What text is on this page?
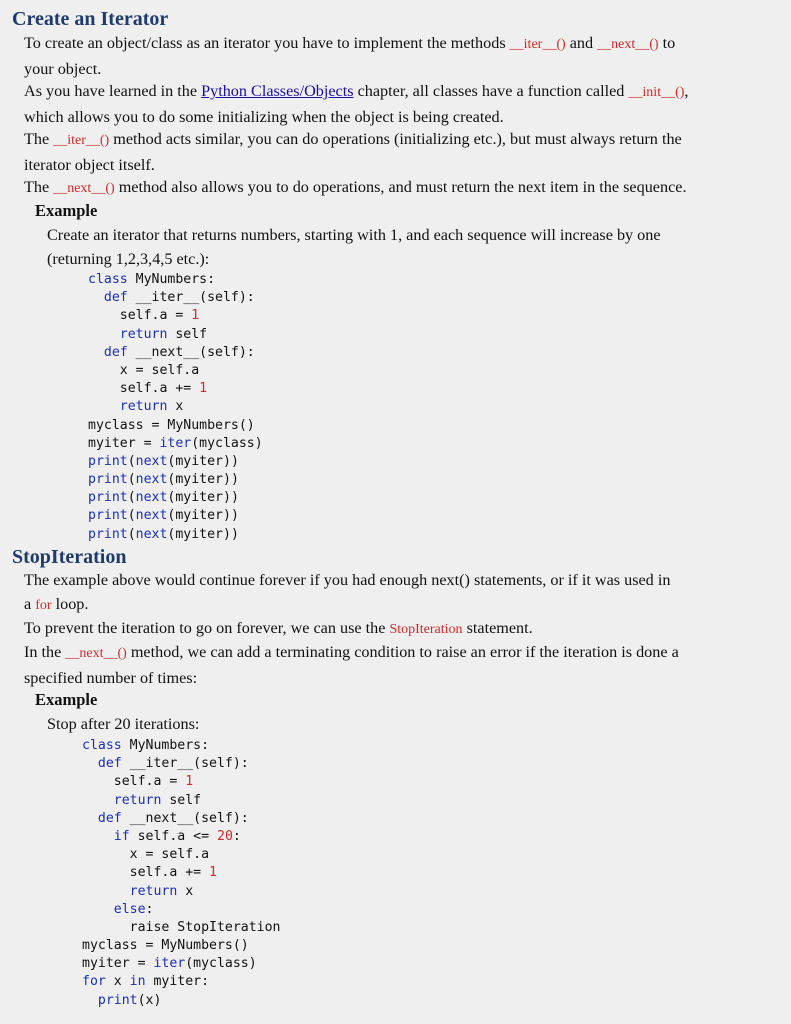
Create an Iterator

To create an object/class as an iterator you have to implement the methods __iter__() and __next__() to
your object.

As you have learned in the Python Classes/Objects chapter, all classes have a function called __init__(),
which allows you to do some initializing when the object is being created.

The __iter__() method acts similar, you can do operations (initializing etc.), but must always return the
iterator object itself.

The __next__() method also allows you to do operations, and must return the next item in the sequence.

Example

Create an iterator that returns numbers, starting with 1, and each sequence will increase by one
(returning 1,2,3,4,5 etc.):

class MyNumbers:
def __iter__(self):
self.a = 1
return self
def __next__(self):
x = self.a
self.a += 1
return x
myclass = MyNumbers()
myiter = iter(myclass)
print(next(myiter))
print(next(myiter))
print(next(myiter))
print(next(myiter))
print(next(myiter))
StopIteration

The example above would continue forever if you had enough next() statements, or if it was used in
a for loop.

To prevent the iteration to go on forever, we can use the StopIteration statement.

In the __next__() method, we can add a terminating condition to raise an error if the iteration is done a
specified number of times:

Example

Stop after 20 iterations:

class MyNumbers:
def __iter__(self):
self.a = 1
return self
def __next__(self):
if self.a <= 20:
x = self.a
self.a += 1
return x
else:
raise StopIteration
myclass = MyNumbers()
myiter = iter(myclass)
for x in myiter:
print(x)
